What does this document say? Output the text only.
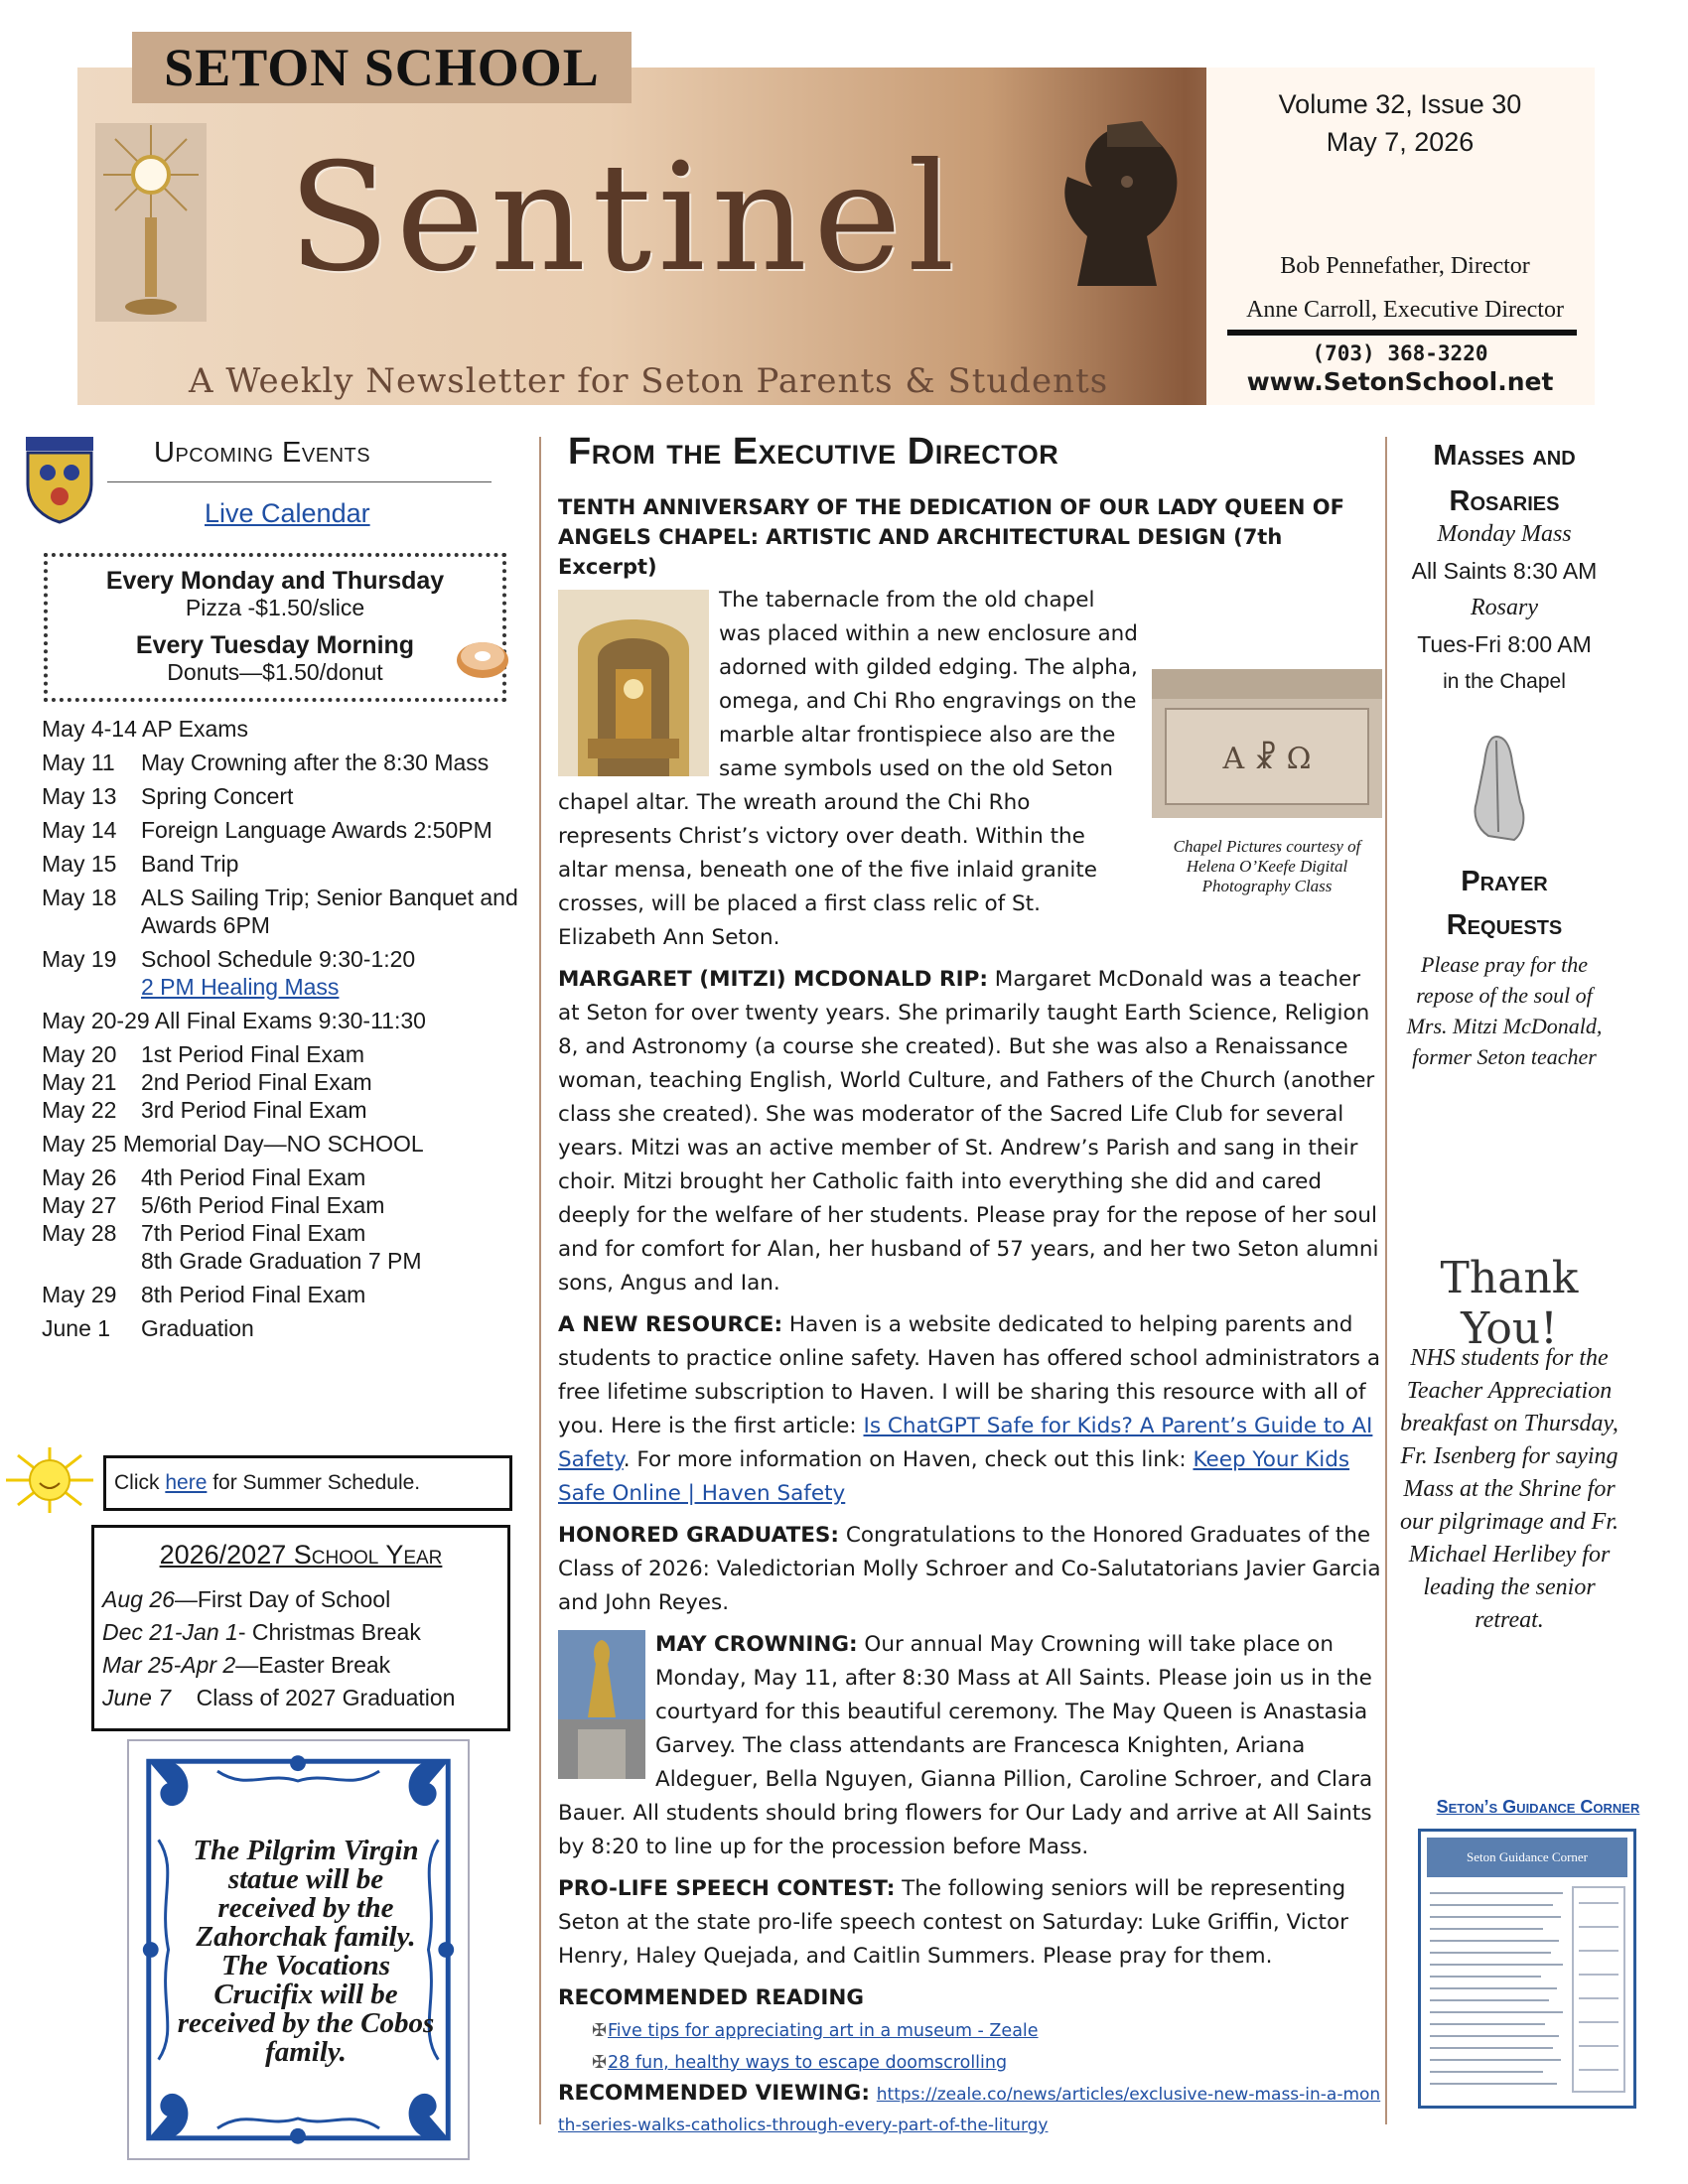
SETON SCHOOL
Sentinel
A Weekly Newsletter for Seton Parents & Students
Volume 32, Issue 30
May 7, 2026
Bob Pennefather, Director
Anne Carroll, Executive Director
(703) 368-3220
www.SetonSchool.net
Upcoming Events
Live Calendar
Every Monday and Thursday
Pizza -$1.50/slice
Every Tuesday Morning
Donuts—$1.50/donut
May 4-14 AP Exams
May 11	May Crowning after the 8:30 Mass
May 13	Spring Concert
May 14	Foreign Language Awards 2:50PM
May 15	Band Trip
May 18	ALS Sailing Trip; Senior Banquet and Awards 6PM
May 19	School Schedule 9:30-1:20
2 PM Healing Mass
May 20-29 All Final Exams 9:30-11:30
May 20	1st Period Final Exam
May 21	2nd Period Final Exam
May 22	3rd Period Final Exam
May 25 Memorial Day—NO SCHOOL
May 26	4th Period Final Exam
May 27	5/6th Period Final Exam
May 28	7th Period Final Exam
8th Grade Graduation 7 PM
May 29	8th Period Final Exam
June 1	Graduation
Click here for Summer Schedule.
2026/2027 School Year
Aug 26—First Day of School
Dec 21-Jan 1- Christmas Break
Mar 25-Apr 2—Easter Break
June 7    Class of 2027 Graduation
The Pilgrim Virgin statue will be received by the Zahorchak family. The Vocations Crucifix will be received by the Cobos family.
From the Executive Director
TENTH ANNIVERSARY OF THE DEDICATION OF OUR LADY QUEEN OF ANGELS CHAPEL: ARTISTIC AND ARCHITECTURAL DESIGN (7th Excerpt)
A ☧ Ω
Chapel Pictures courtesy of Helena O’Keefe Digital Photography Class

The tabernacle from the old chapel was placed within a new enclosure and adorned with gilded edging. The alpha, omega, and Chi Rho engravings on the marble altar frontispiece also are the same symbols used on the old Seton chapel altar. The wreath around the Chi Rho represents Christ’s victory over death. Within the altar mensa, beneath one of the five inlaid granite crosses, will be placed a first class relic of St. Elizabeth Ann Seton.

MARGARET (MITZI) MCDONALD RIP: Margaret McDonald was a teacher at Seton for over twenty years. She primarily taught Earth Science, Religion 8, and Astronomy (a course she created). But she was also a Renaissance woman, teaching English, World Culture, and Fathers of the Church (another class she created). She was moderator of the Sacred Life Club for several years. Mitzi was an active member of St. Andrew’s Parish and sang in their choir. Mitzi brought her Catholic faith into everything she did and cared deeply for the welfare of her students. Please pray for the repose of her soul and for comfort for Alan, her husband of 57 years, and her two Seton alumni sons, Angus and Ian.

A NEW RESOURCE: Haven is a website dedicated to helping parents and students to practice online safety. Haven has offered school administrators a free lifetime subscription to Haven. I will be sharing this resource with all of you. Here is the first article: Is ChatGPT Safe for Kids? A Parent’s Guide to AI Safety. For more information on Haven, check out this link: Keep Your Kids Safe Online | Haven Safety

HONORED GRADUATES: Congratulations to the Honored Graduates of the Class of 2026: Valedictorian Molly Schroer and Co-Salutatorians Javier Garcia and John Reyes.

MAY CROWNING: Our annual May Crowning will take place on Monday, May 11, after 8:30 Mass at All Saints. Please join us in the courtyard for this beautiful ceremony. The May Queen is Anastasia Garvey. The class attendants are Francesca Knighten, Ariana Aldeguer, Bella Nguyen, Gianna Pillion, Caroline Schroer, and Clara Bauer. All students should bring flowers for Our Lady and arrive at All Saints by 8:20 to line up for the procession before Mass.

PRO-LIFE SPEECH CONTEST: The following seniors will be representing Seton at the state pro-life speech contest on Saturday: Luke Griffin, Victor Henry, Haley Quejada, and Caitlin Summers. Please pray for them.

RECOMMENDED READING
✠ Five tips for appreciating art in a museum - Zeale
✠ 28 fun, healthy ways to escape doomscrolling
RECOMMENDED VIEWING: https://zeale.co/news/articles/exclusive-new-mass-in-a-month-series-walks-catholics-through-every-part-of-the-liturgy
Masses and
Rosaries
Monday Mass
All Saints 8:30 AM
Rosary
Tues-Fri 8:00 AM
in the Chapel
Prayer
Requests
Please pray for the repose of the soul of Mrs. Mitzi McDonald, former Seton teacher
Thank You!
NHS students for the Teacher Appreciation breakfast on Thursday, Fr. Isenberg for saying Mass at the Shrine for our pilgrimage and Fr. Michael Herlibey for leading the senior retreat.
Seton’s Guidance Corner
Seton Guidance Corner
